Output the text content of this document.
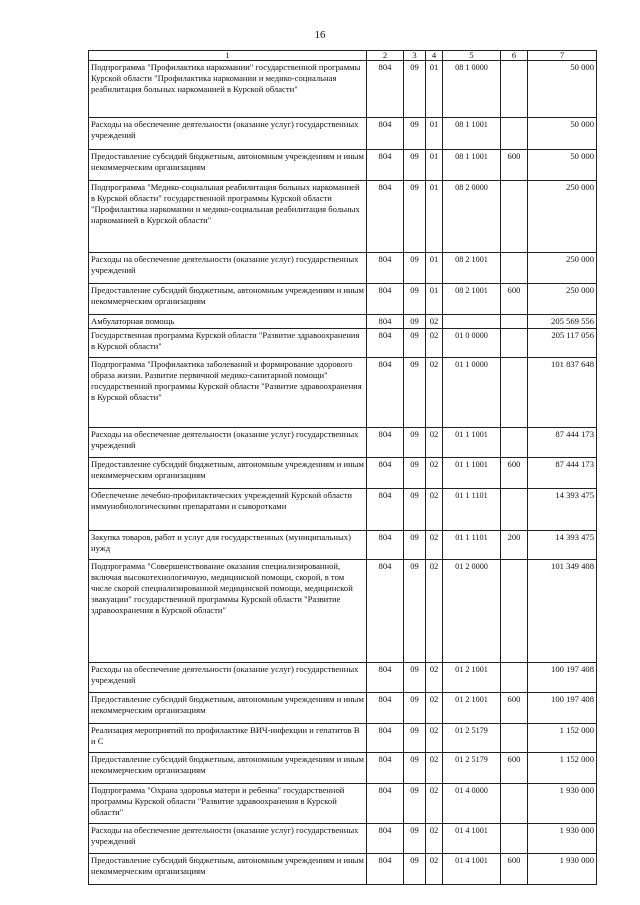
16
1	2	3	4	5	6	7
Подпрограмма "Профилактика наркомании" государственной программы Курской области "Профилактика наркомании и медико-социальная реабилитация больных наркоманией в Курской области"	804	09	01	08 1 0000		50 000
Расходы на обеспечение деятельности (оказание услуг) государственных учреждений	804	09	01	08 1 1001		50 000
Предоставление субсидий бюджетным, автономным учреждениям и иным некоммерческим организациям	804	09	01	08 1 1001	600	50 000
Подпрограмма "Медико-социальная реабилитация больных наркоманией в Курской области" государственной программы Курской области "Профилактика наркомании и медико-социальная реабилитация больных наркоманией в Курской области"	804	09	01	08 2 0000		250 000
Расходы на обеспечение деятельности (оказание услуг) государственных учреждений	804	09	01	08 2 1001		250 000
Предоставление субсидий бюджетным, автономным учреждениям и иным некоммерческим организациям	804	09	01	08 2 1001	600	250 000
Амбулаторная помощь	804	09	02			205 569 556
Государственная программа Курской области "Развитие здравоохранения в Курской области"	804	09	02	01 0 0000		205 117 056
Подпрограмма "Профилактика заболеваний и формирование здорового образа жизни. Развитие первичной медико-санитарной помощи" государственной программы Курской области "Развитие здравоохранения в Курской области"	804	09	02	01 1 0000		101 837 648
Расходы на обеспечение деятельности (оказание услуг) государственных учреждений	804	09	02	01 1 1001		87 444 173
Предоставление субсидий бюджетным, автономным учреждениям и иным некоммерческим организациям	804	09	02	01 1 1001	600	87 444 173
Обеспечение лечебно-профилактических учреждений Курской области иммунобиологическими препаратами и сыворотками	804	09	02	01 1 1101		14 393 475
Закупка товаров, работ и услуг для государственных (муниципальных) нужд	804	09	02	01 1 1101	200	14 393 475
Подпрограмма "Совершенствование оказания специализированной, включая высокотехнологичную, медицинской помощи, скорой, в том числе скорой специализированной медицинской помощи, медицинской эвакуации" государственной программы Курской области "Развитие здравоохранения в Курской области"	804	09	02	01 2 0000		101 349 408
Расходы на обеспечение деятельности (оказание услуг) государственных учреждений	804	09	02	01 2 1001		100 197 408
Предоставление субсидий бюджетным, автономным учреждениям и иным некоммерческим организациям	804	09	02	01 2 1001	600	100 197 408
Реализация мероприятий по профилактике ВИЧ-инфекции и гепатитов В и С	804	09	02	01 2 5179		1 152 000
Предоставление субсидий бюджетным, автономным учреждениям и иным некоммерческим организациям	804	09	02	01 2 5179	600	1 152 000
Подпрограмма "Охрана здоровья матери и ребенка" государственной программы Курской области "Развитие здравоохранения в Курской области"	804	09	02	01 4 0000		1 930 000
Расходы на обеспечение деятельности (оказание услуг) государственных учреждений	804	09	02	01 4 1001		1 930 000
Предоставление субсидий бюджетным, автономным учреждениям и иным некоммерческим организациям	804	09	02	01 4 1001	600	1 930 000
